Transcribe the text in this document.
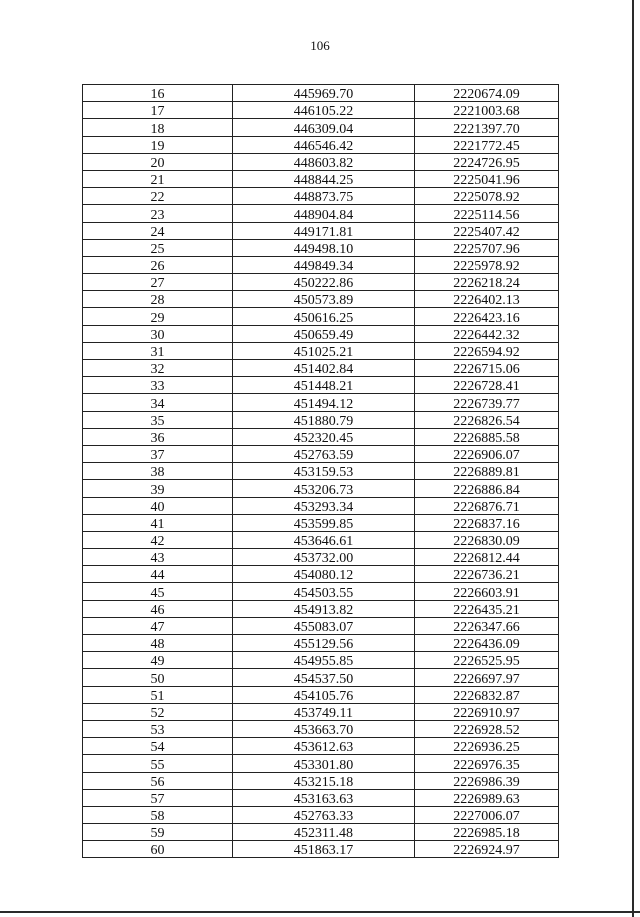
106
16	445969.70	2220674.09
17	446105.22	2221003.68
18	446309.04	2221397.70
19	446546.42	2221772.45
20	448603.82	2224726.95
21	448844.25	2225041.96
22	448873.75	2225078.92
23	448904.84	2225114.56
24	449171.81	2225407.42
25	449498.10	2225707.96
26	449849.34	2225978.92
27	450222.86	2226218.24
28	450573.89	2226402.13
29	450616.25	2226423.16
30	450659.49	2226442.32
31	451025.21	2226594.92
32	451402.84	2226715.06
33	451448.21	2226728.41
34	451494.12	2226739.77
35	451880.79	2226826.54
36	452320.45	2226885.58
37	452763.59	2226906.07
38	453159.53	2226889.81
39	453206.73	2226886.84
40	453293.34	2226876.71
41	453599.85	2226837.16
42	453646.61	2226830.09
43	453732.00	2226812.44
44	454080.12	2226736.21
45	454503.55	2226603.91
46	454913.82	2226435.21
47	455083.07	2226347.66
48	455129.56	2226436.09
49	454955.85	2226525.95
50	454537.50	2226697.97
51	454105.76	2226832.87
52	453749.11	2226910.97
53	453663.70	2226928.52
54	453612.63	2226936.25
55	453301.80	2226976.35
56	453215.18	2226986.39
57	453163.63	2226989.63
58	452763.33	2227006.07
59	452311.48	2226985.18
60	451863.17	2226924.97
